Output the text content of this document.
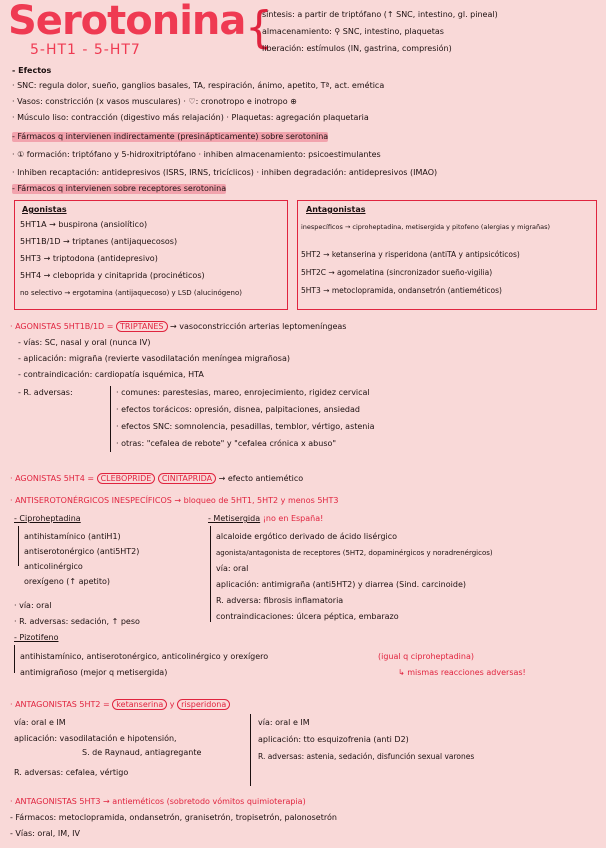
Serotonina
5-HT1 - 5-HT7 {
síntesis: a partir de triptófano (↑ SNC, intestino, gl. pineal)
almacenamiento: ⚲ SNC, intestino, plaquetas
liberación: estímulos (IN, gastrina, compresión)
- Efectos
· SNC: regula dolor, sueño, ganglios basales, TA, respiración, ánimo, apetito, Tª, act. emética
· Vasos: constricción (x vasos musculares) · ♡: cronotropo e inotropo ⊕
· Músculo liso: contracción (digestivo más relajación) · Plaquetas: agregación plaquetaria
- Fármacos q intervienen indirectamente (presinápticamente) sobre serotonina
· ① formación: triptófano y 5-hidroxitriptófano · inhiben almacenamiento: psicoestimulantes
· Inhiben recaptación: antidepresivos (ISRS, IRNS, tricíclicos) · inhiben degradación: antidepresivos (IMAO)
- Fármacos q intervienen sobre receptores serotonina
Agonistas
5HT1A → buspirona (ansiolítico)
5HT1B/1D → triptanes (antijaquecosos)
5HT3 → triptodona (antidepresivo)
5HT4 → cleboprida y cinitaprida (procinéticos)
no selectivo → ergotamina (antijaquecoso) y LSD (alucinógeno)
Antagonistas
inespecíficos → ciproheptadina, metisergida y pitofeno (alergias y migrañas)
5HT2 → ketanserina y risperidona (antiTA y antipsicóticos)
5HT2C → agomelatina (sincronizador sueño-vigilia)
5HT3 → metoclopramida, ondansetrón (antieméticos)
· AGONISTAS 5HT1B/1D = TRIPTANES → vasoconstricción arterias leptomeníngeas
- vías: SC, nasal y oral (nunca IV)
- aplicación: migraña (revierte vasodilatación meníngea migrañosa)
- contraindicación: cardiopatía isquémica, HTA
- R. adversas:	· comunes: parestesias, mareo, enrojecimiento, rigidez cervical
· efectos torácicos: opresión, disnea, palpitaciones, ansiedad
· efectos SNC: somnolencia, pesadillas, temblor, vértigo, astenia
· otras: "cefalea de rebote" y "cefalea crónica x abuso"
· AGONISTAS 5HT4 = CLEBOPRIDE CINITAPRIDA → efecto antiemético
· ANTISEROTONÉRGICOS INESPECÍFICOS → bloqueo de 5HT1, 5HT2 y menos 5HT3
- Ciproheptadina
antihistamínico (antiH1)
antiserotonérgico (anti5HT2)
anticolinérgico
orexígeno (↑ apetito)
· vía: oral
· R. adversas: sedación, ↑ peso
- Metisergida ¡no en España!
alcaloide ergótico derivado de ácido lisérgico
agonista/antagonista de receptores (5HT2, dopaminérgicos y noradrenérgicos)
vía: oral
aplicación: antimigraña (anti5HT2) y diarrea (Sind. carcinoide)
R. adversa: fibrosis inflamatoria
contraindicaciones: úlcera péptica, embarazo
- Pizotifeno
antihistamínico, antiserotonérgico, anticolinérgico y orexígero
antimigrañoso (mejor q metisergida)
(igual q ciproheptadina)
↳ mismas reacciones adversas!
· ANTAGONISTAS 5HT2 = ketanserina y risperidona
vía: oral e IM
aplicación: vasodilatación e hipotensión,
S. de Raynaud, antiagregante
R. adversas: cefalea, vértigo
vía: oral e IM
aplicación: tto esquizofrenia (anti D2)
R. adversas: astenia, sedación, disfunción sexual varones
· ANTAGONISTAS 5HT3 → antieméticos (sobretodo vómitos quimioterapia)
- Fármacos: metoclopramida, ondansetrón, granisetrón, tropisetrón, palonosetrón
- Vías: oral, IM, IV
